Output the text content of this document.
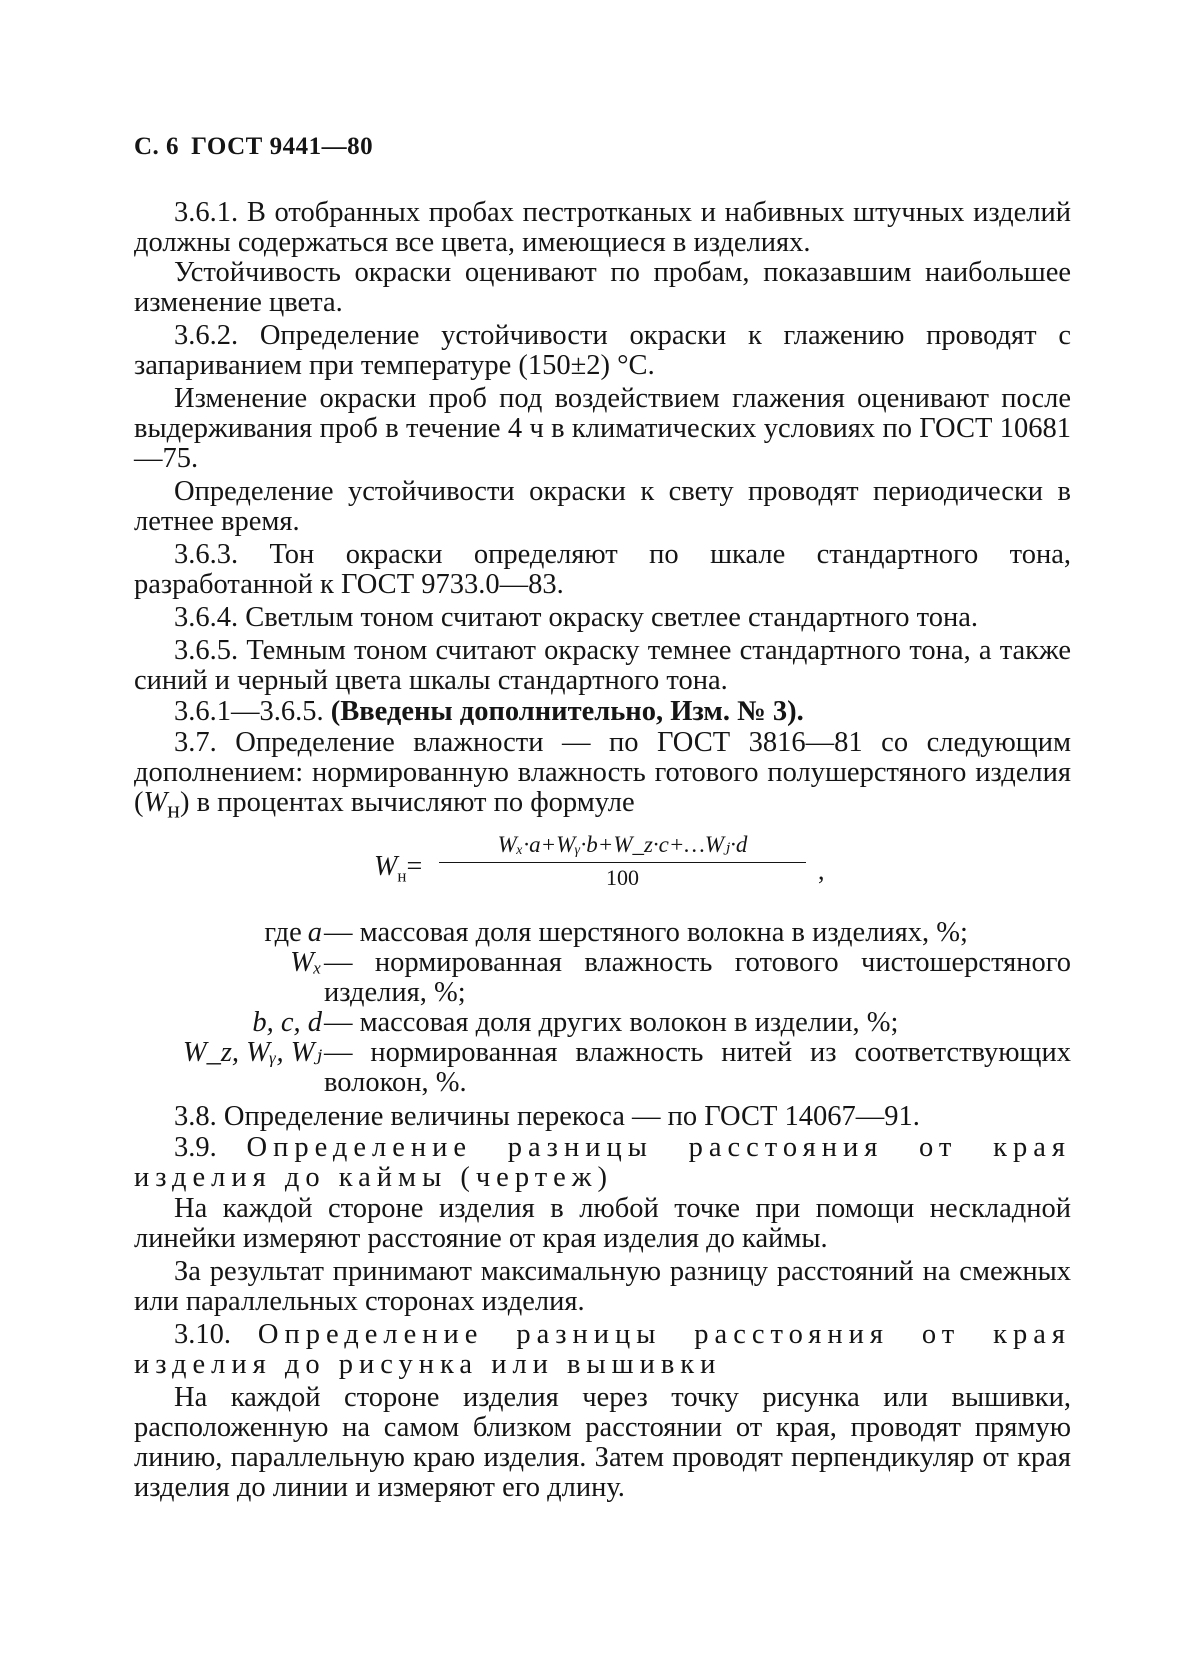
С. 6 ГОСТ 9441—80

3.6.1. В отобранных пробах пестротканых и набивных штучных изделий должны содержаться все цвета, имеющиеся в изделиях.

Устойчивость окраски оценивают по пробам, показавшим наибольшее изменение цвета.

3.6.2. Определение устойчивости окраски к глажению проводят с запариванием при температуре (150±2) °С.

Изменение окраски проб под воздействием глажения оценивают после выдерживания проб в течение 4 ч в климатических условиях по ГОСТ 10681—75.

Определение устойчивости окраски к свету проводят периодически в летнее время.

3.6.3. Тон окраски определяют по шкале стандартного тона, разработанной к ГОСТ 9733.0—83.

3.6.4. Светлым тоном считают окраску светлее стандартного тона.

3.6.5. Темным тоном считают окраску темнее стандартного тона, а также синий и черный цвета шкалы стандартного тона.

3.6.1—3.6.5. (Введены дополнительно, Изм. № 3).

3.7. Определение влажности — по ГОСТ 3816—81 со следующим дополнением: нормированную влажность готового полушерстяного изделия $(W_н)$ в процентах вычисляют по формуле

$W_н= \frac{\text{Wₓ·a+Wᵧ·b+W\_z·c+…Wⱼ·d}}{100}$ ,
где a — массовая доля шерстяного волокна в изделиях, %;
Wₓ — нормированная влажность готового чистошерстяного изделия, %;
b, c, d — массовая доля других волокон в изделии, %;
W_z, Wᵧ, Wⱼ — нормированная влажность нитей из соответствующих волокон, %.

3.8. Определение величины перекоса — по ГОСТ 14067—91.

3.9. Определение разницы расстояния от края изделия до каймы (чертеж)

На каждой стороне изделия в любой точке при помощи нескладной линейки измеряют расстояние от края изделия до каймы.

За результат принимают максимальную разницу расстояний на смежных или параллельных сторонах изделия.

3.10. Определение разницы расстояния от края изделия до рисунка или вышивки

На каждой стороне изделия через точку рисунка или вышивки, расположенную на самом близком расстоянии от края, проводят прямую линию, параллельную краю изделия. Затем проводят перпендикуляр от края изделия до линии и измеряют его длину.
